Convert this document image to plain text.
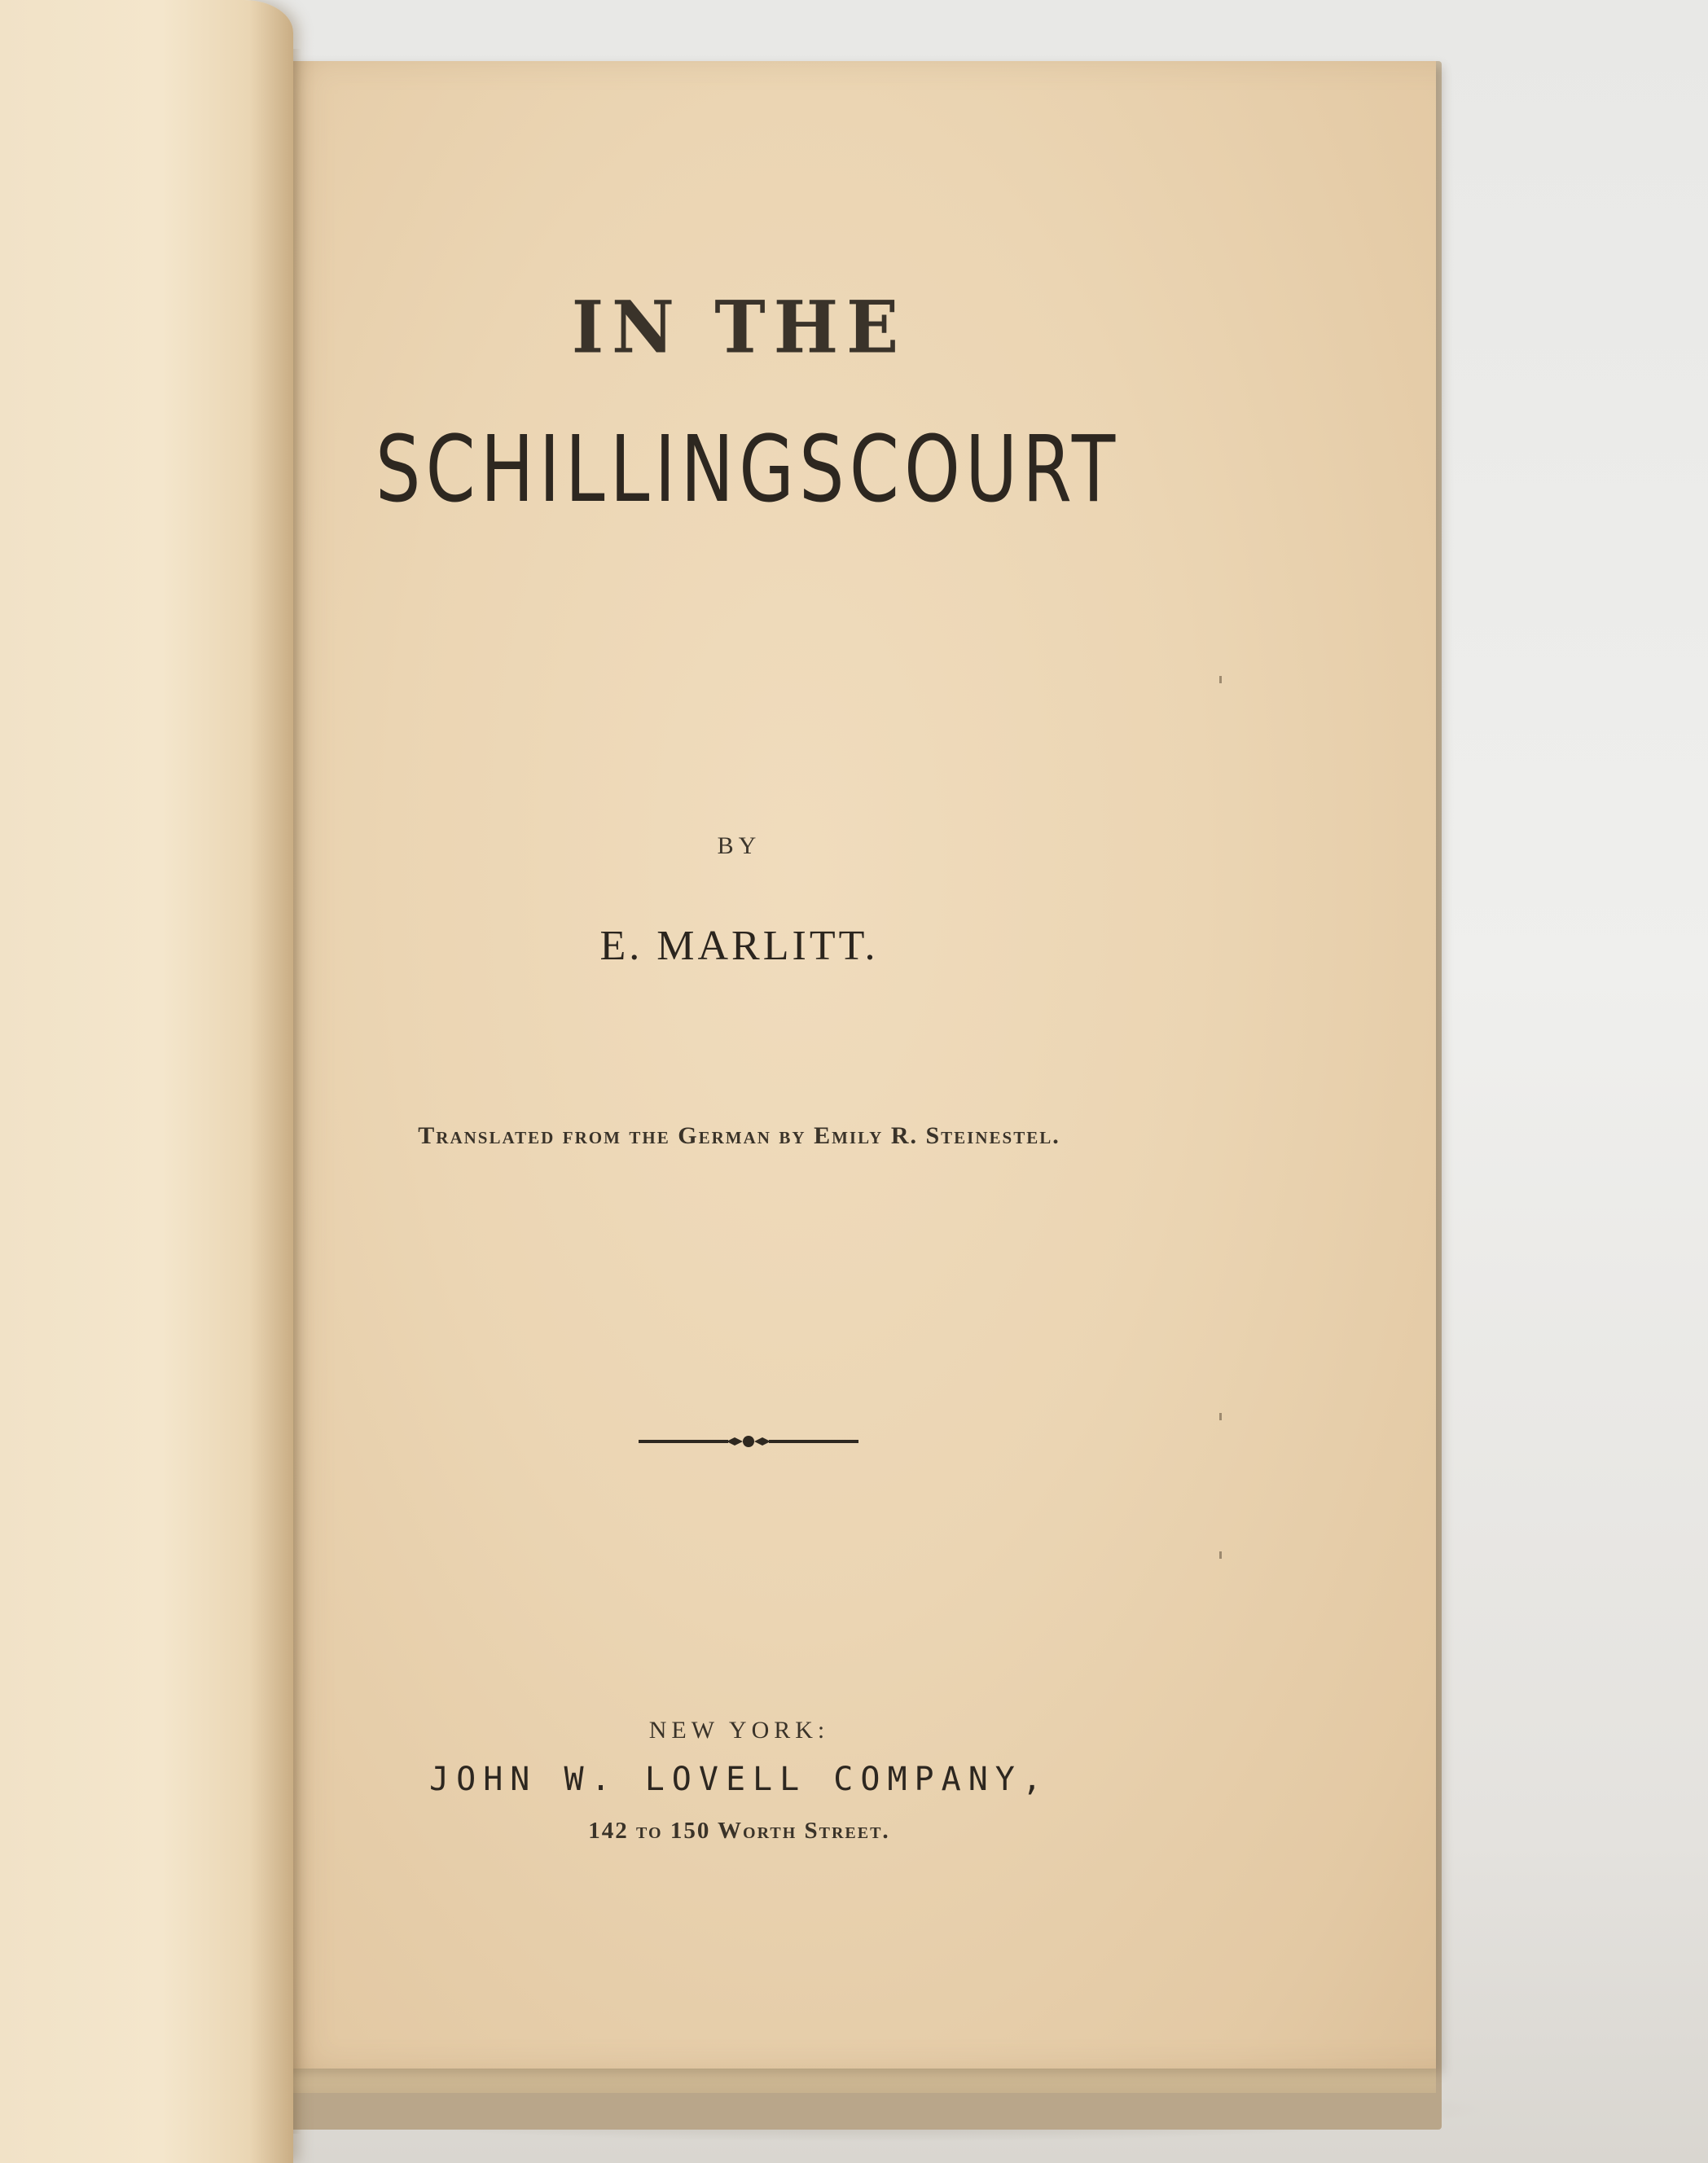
IN THE

SCHILLINGSCOURT

BY

E. MARLITT.

Translated from the German by Emily R. Steinestel.

NEW YORK:

JOHN W. LOVELL COMPANY,

142 to 150 Worth Street.
